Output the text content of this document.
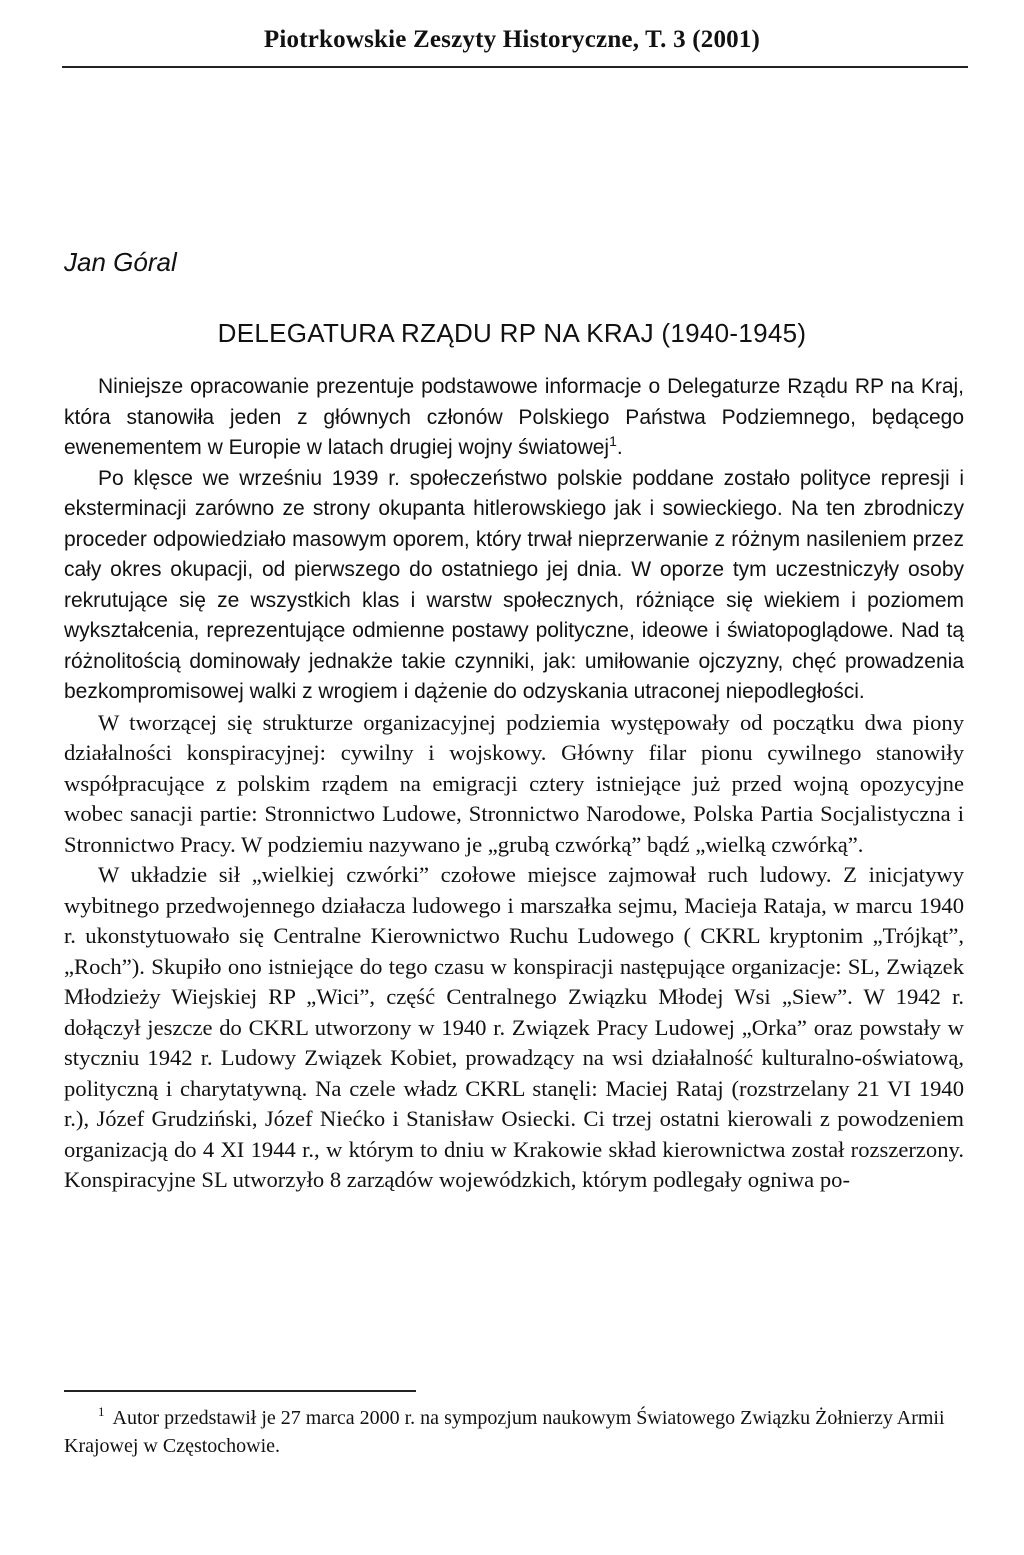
Piotrkowskie Zeszyty Historyczne, T. 3 (2001)
Jan Góral
DELEGATURA RZĄDU RP NA KRAJ (1940-1945)

Niniejsze opracowanie prezentuje podstawowe informacje o Delegaturze Rządu RP na Kraj, która stanowiła jeden z głównych członów Polskiego Państwa Podziemnego, będącego ewenementem w Europie w latach drugiej wojny światowej$^1$.

Po klęsce we wrześniu 1939 r. społeczeństwo polskie poddane zostało polityce represji i eksterminacji zarówno ze strony okupanta hitlerowskiego jak i sowieckiego. Na ten zbrodniczy proceder odpowiedziało masowym oporem, który trwał nieprzerwanie z różnym nasileniem przez cały okres okupacji, od pierwszego do ostatniego jej dnia. W oporze tym uczestniczyły osoby rekrutujące się ze wszystkich klas i warstw społecznych, różniące się wiekiem i poziomem wykształcenia, reprezentujące odmienne postawy polityczne, ideowe i światopoglądowe. Nad tą różnolitością dominowały jednakże takie czynniki, jak: umiłowanie ojczyzny, chęć prowadzenia bezkompromisowej walki z wrogiem i dążenie do odzyskania utraconej niepodległości.

W tworzącej się strukturze organizacyjnej podziemia występowały od początku dwa piony działalności konspiracyjnej: cywilny i wojskowy. Główny filar pionu cywilnego stanowiły współpracujące z polskim rządem na emigracji cztery istniejące już przed wojną opozycyjne wobec sanacji partie: Stronnictwo Ludowe, Stronnictwo Narodowe, Polska Partia Socjalistyczna i Stronnictwo Pracy. W podziemiu nazywano je „grubą czwórką” bądź „wielką czwórką”.

W układzie sił „wielkiej czwórki” czołowe miejsce zajmował ruch ludowy. Z inicjatywy wybitnego przedwojennego działacza ludowego i marszałka sejmu, Macieja Rataja, w marcu 1940 r. ukonstytuowało się Centralne Kierownictwo Ruchu Ludowego ( CKRL kryptonim „Trójkąt”, „Roch”). Skupiło ono istniejące do tego czasu w konspiracji następujące organizacje: SL, Związek Młodzieży Wiejskiej RP „Wici”, część Centralnego Związku Młodej Wsi „Siew”. W 1942 r. dołączył jeszcze do CKRL utworzony w 1940 r. Związek Pracy Ludowej „Orka” oraz powstały w styczniu 1942 r. Ludowy Związek Kobiet, prowadzący na wsi działalność kulturalno-oświatową, polityczną i charytatywną. Na czele władz CKRL stanęli: Maciej Rataj (rozstrzelany 21 VI 1940 r.), Józef Grudziński, Józef Niećko i Stanisław Osiecki. Ci trzej ostatni kierowali z powodzeniem organizacją do 4 XI 1944 r., w którym to dniu w Krakowie skład kierownictwa został rozszerzony. Konspiracyjne SL utworzyło 8 zarządów wojewódzkich, którym podlegały ogniwa po-

$^1$ Autor przedstawił je 27 marca 2000 r. na sympozjum naukowym Światowego Związku Żołnierzy Armii Krajowej w Częstochowie.
